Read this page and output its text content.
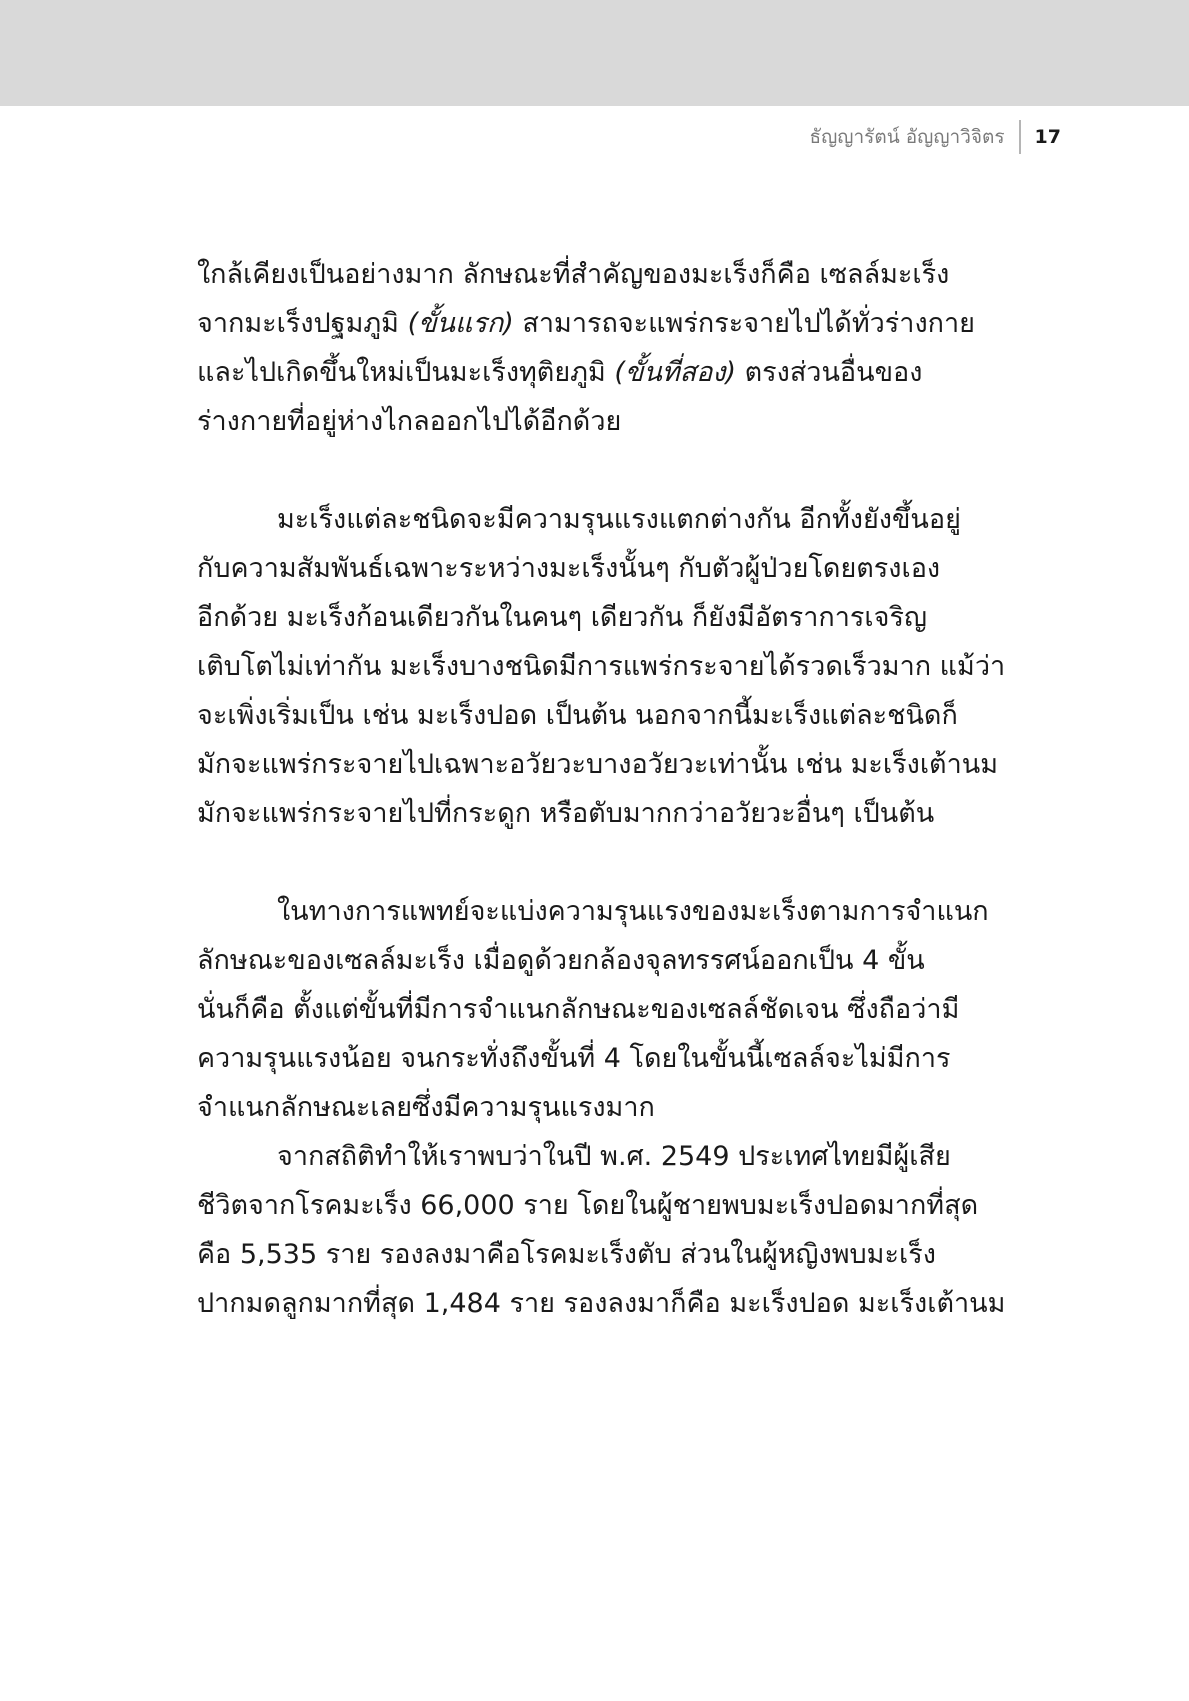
ธัญญารัตน์ อัญญาวิจิตร	17

ใกล้เคียงเป็นอย่างมาก ลักษณะที่สำคัญของมะเร็งก็คือ เซลล์มะเร็ง
จากมะเร็งปฐมภูมิ (ขั้นแรก) สามารถจะแพร่กระจายไปได้ทั่วร่างกาย
และไปเกิดขึ้นใหม่เป็นมะเร็งทุติยภูมิ (ขั้นที่สอง) ตรงส่วนอื่นของ
ร่างกายที่อยู่ห่างไกลออกไปได้อีกด้วย

มะเร็งแต่ละชนิดจะมีความรุนแรงแตกต่างกัน อีกทั้งยังขึ้นอยู่
กับความสัมพันธ์เฉพาะระหว่างมะเร็งนั้นๆ กับตัวผู้ป่วยโดยตรงเอง
อีกด้วย มะเร็งก้อนเดียวกันในคนๆ เดียวกัน ก็ยังมีอัตราการเจริญ
เติบโตไม่เท่ากัน มะเร็งบางชนิดมีการแพร่กระจายได้รวดเร็วมาก แม้ว่า
จะเพิ่งเริ่มเป็น เช่น มะเร็งปอด เป็นต้น นอกจากนี้มะเร็งแต่ละชนิดก็
มักจะแพร่กระจายไปเฉพาะอวัยวะบางอวัยวะเท่านั้น เช่น มะเร็งเต้านม
มักจะแพร่กระจายไปที่กระดูก หรือตับมากกว่าอวัยวะอื่นๆ เป็นต้น

ในทางการแพทย์จะแบ่งความรุนแรงของมะเร็งตามการจำแนก
ลักษณะของเซลล์มะเร็ง เมื่อดูด้วยกล้องจุลทรรศน์ออกเป็น 4 ขั้น
นั่นก็คือ ตั้งแต่ขั้นที่มีการจำแนกลักษณะของเซลล์ชัดเจน ซึ่งถือว่ามี
ความรุนแรงน้อย จนกระทั่งถึงขั้นที่ 4 โดยในขั้นนี้เซลล์จะไม่มีการ
จำแนกลักษณะเลยซึ่งมีความรุนแรงมาก

จากสถิติทำให้เราพบว่าในปี พ.ศ. 2549 ประเทศไทยมีผู้เสีย
ชีวิตจากโรคมะเร็ง 66,000 ราย โดยในผู้ชายพบมะเร็งปอดมากที่สุด
คือ 5,535 ราย รองลงมาคือโรคมะเร็งตับ ส่วนในผู้หญิงพบมะเร็ง
ปากมดลูกมากที่สุด 1,484 ราย รองลงมาก็คือ มะเร็งปอด มะเร็งเต้านม
